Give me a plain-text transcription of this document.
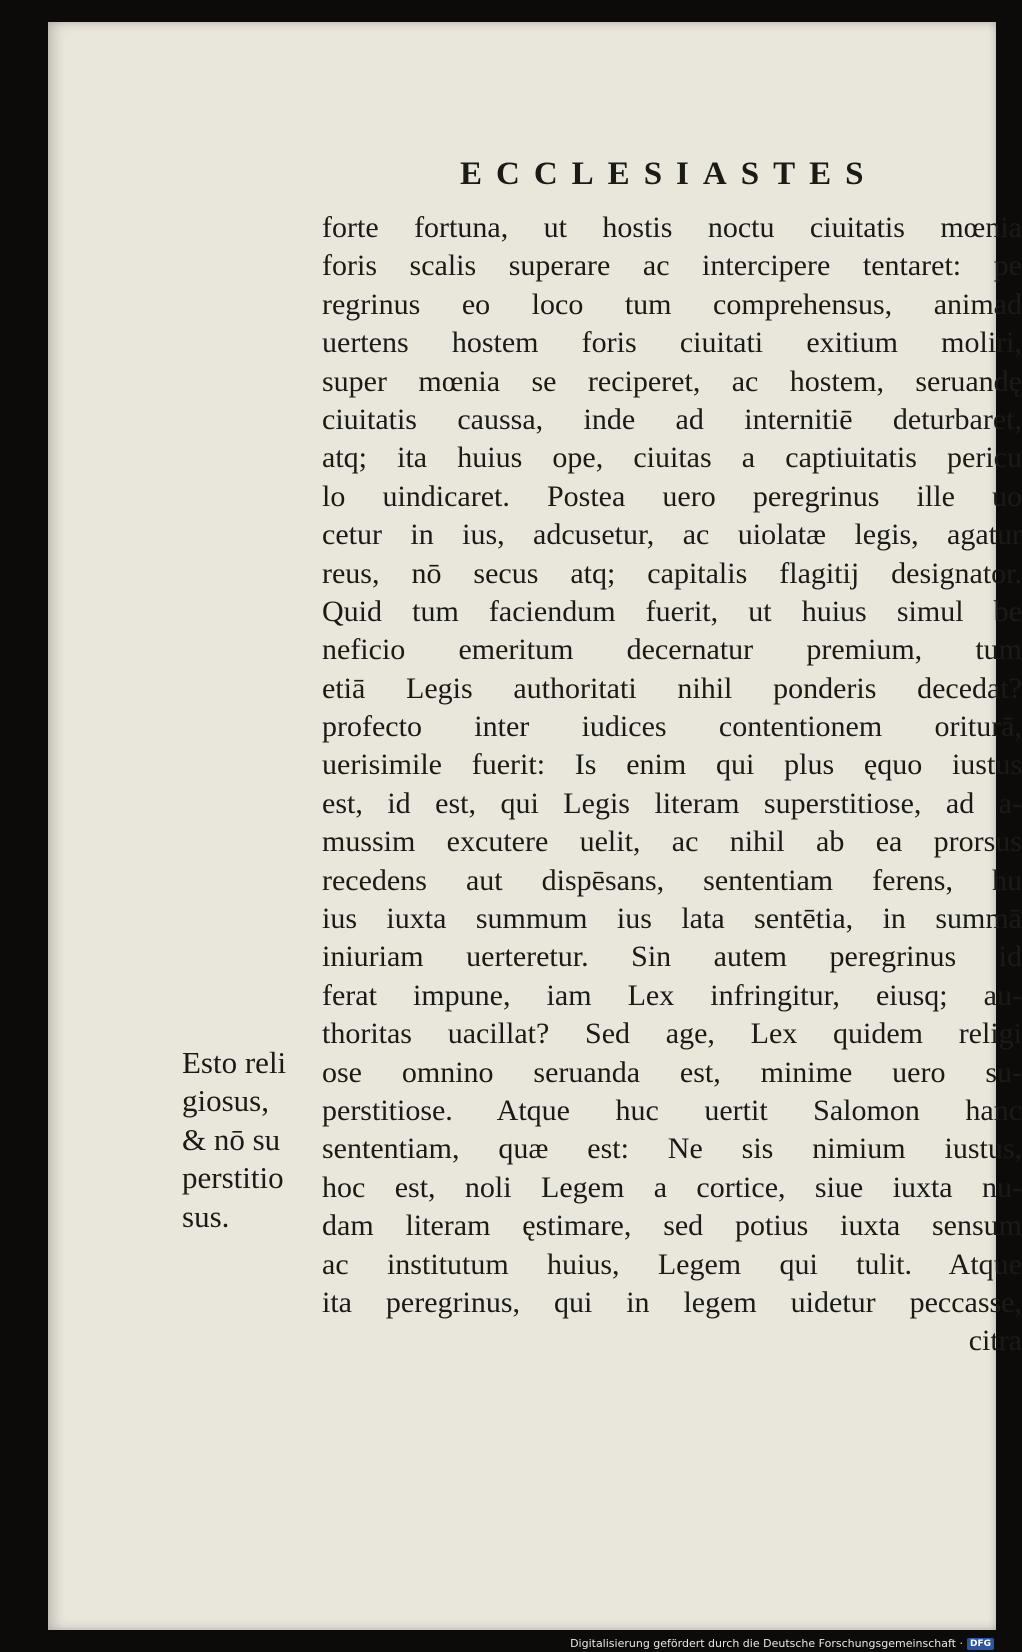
ECCLESIASTES
forte fortuna, ut hostis noctu ciuitatis mœnia
foris scalis superare ac intercipere tentaret: pe
regrinus eo loco tum comprehensus, animad
uertens hostem foris ciuitati exitium moliri,
super mœnia se reciperet, ac hostem, seruandę
ciuitatis caussa, inde ad internitiē deturbaret,
atq; ita huius ope, ciuitas a captiuitatis pericu
lo uindicaret. Postea uero peregrinus ille uo
cetur in ius, adcusetur, ac uiolatæ legis, agatur
reus, nō secus atq; capitalis flagitij designator.
Quid tum faciendum fuerit, ut huius simul be
neficio emeritum decernatur premium, tum
etiā Legis authoritati nihil ponderis decedat?
profecto inter iudices contentionem oriturā,
uerisimile fuerit: Is enim qui plus ęquo iustus
est, id est, qui Legis literam superstitiose, ad a-
mussim excutere uelit, ac nihil ab ea prorsus
recedens aut dispēsans, sententiam ferens, hu
ius iuxta summum ius lata sentētia, in summā
iniuriam uerteretur. Sin autem peregrinus id
ferat impune, iam Lex infringitur, eiusq; au-
thoritas uacillat? Sed age, Lex quidem religi
ose omnino seruanda est, minime uero su-
perstitiose. Atque huc uertit Salomon hanc
sententiam, quæ est: Ne sis nimium iustus,
hoc est, noli Legem a cortice, siue iuxta nu-
dam literam ęstimare, sed potius iuxta sensum
ac institutum huius, Legem qui tulit. Atque
ita peregrinus, qui in legem uidetur peccasse,
citra
Esto reli
giosus,
& nō su
perstitio
sus.
Digitalisierung gefördert durch die Deutsche Forschungsgemeinschaft · DFG
